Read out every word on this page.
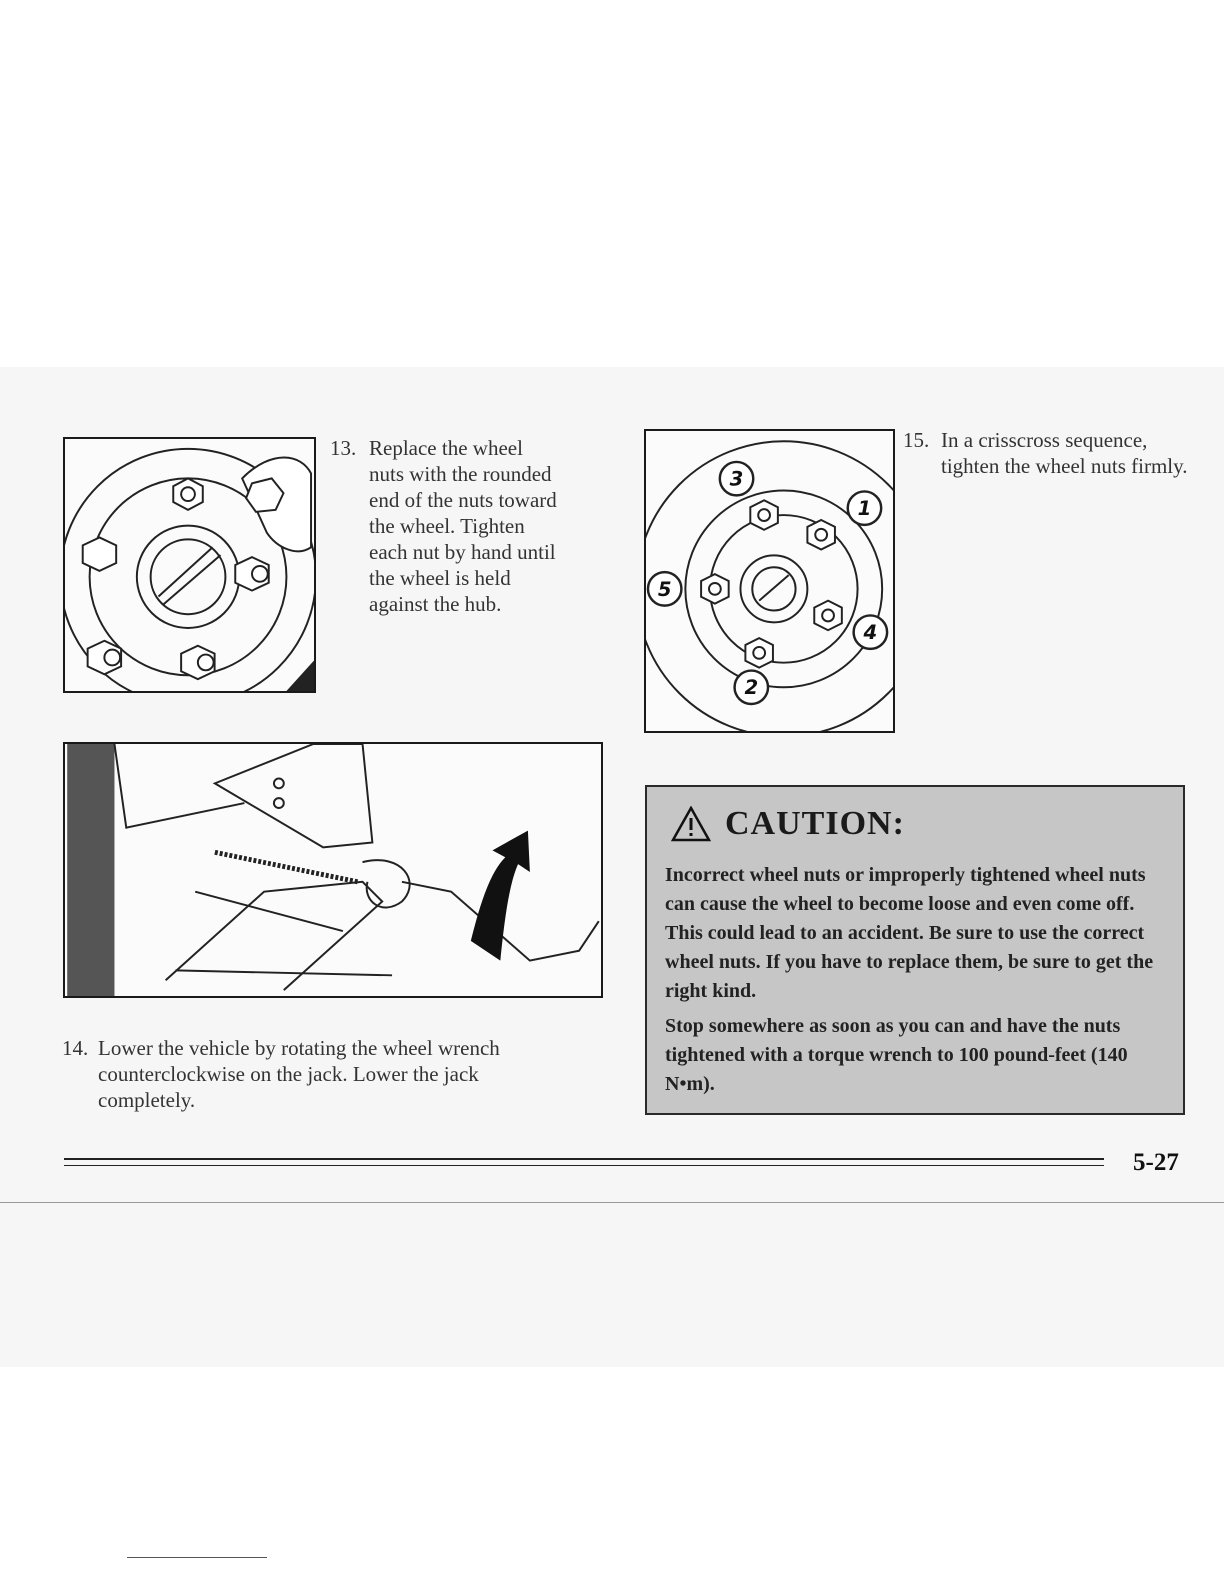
13. Replace the wheel nuts with the rounded end of the nuts toward the wheel. Tighten each nut by hand until the wheel is held against the hub.
1
2
3
4
5
15. In a crisscross sequence, tighten the wheel nuts firmly.
14. Lower the vehicle by rotating the wheel wrench counterclockwise on the jack. Lower the jack completely.
CAUTION:

Incorrect wheel nuts or improperly tightened wheel nuts can cause the wheel to become loose and even come off. This could lead to an accident. Be sure to use the correct wheel nuts. If you have to replace them, be sure to get the right kind.

Stop somewhere as soon as you can and have the nuts tightened with a torque wrench to 100 pound-feet (140 N•m).

5-27
